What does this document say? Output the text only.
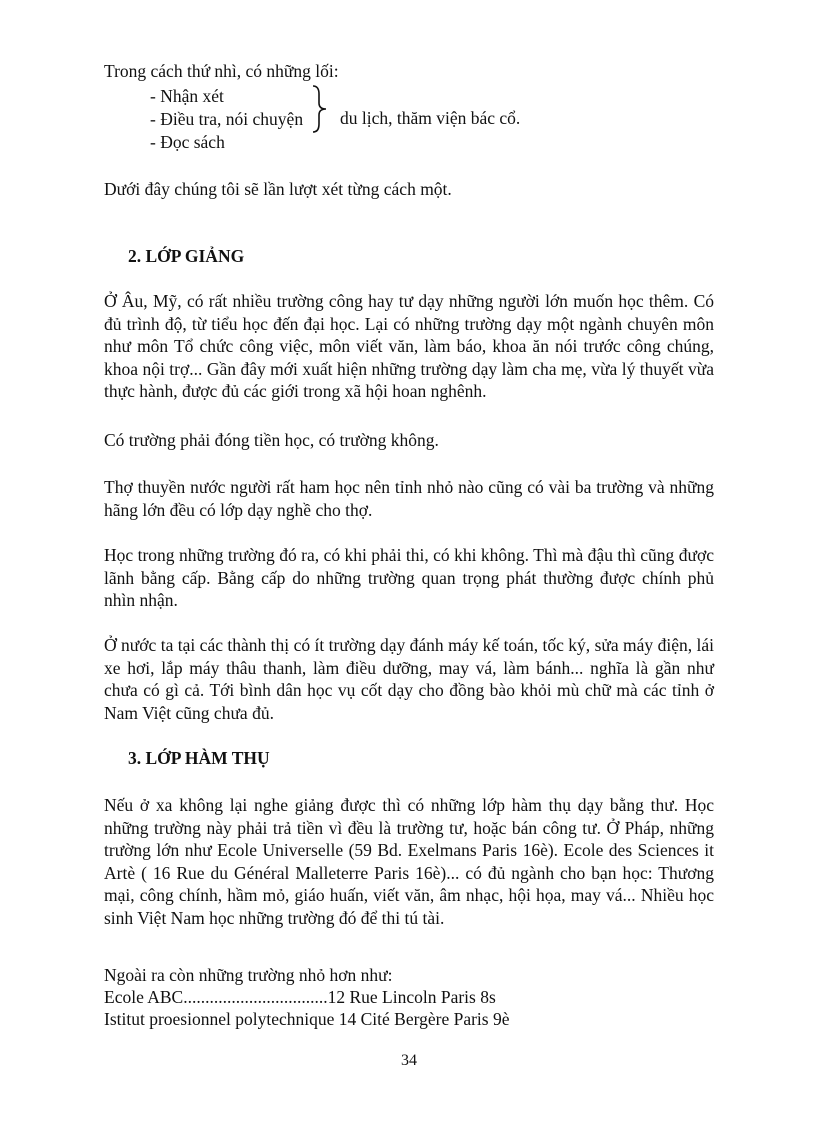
Trong cách thứ nhì, có những lối:
- Nhận xét
- Điều tra, nói chuyện
- Đọc sách
du lịch, thăm viện bác cổ.
Dưới đây chúng tôi sẽ lần lượt xét từng cách một.
2. LỚP GIẢNG
Ở Âu, Mỹ, có rất nhiều trường công hay tư dạy những người lớn muốn học thêm. Có đủ trình độ, từ tiểu học đến đại học. Lại có những trường dạy một ngành chuyên môn như môn Tổ chức công việc, môn viết văn, làm báo, khoa ăn nói trước công chúng, khoa nội trợ... Gần đây mới xuất hiện những trường dạy làm cha mẹ, vừa lý thuyết vừa thực hành, được đủ các giới trong xã hội hoan nghênh.
Có trường phải đóng tiền học, có trường không.
Thợ thuyền nước người rất ham học nên tỉnh nhỏ nào cũng có vài ba trường và những hãng lớn đều có lớp dạy nghề cho thợ.
Học trong những trường đó ra, có khi phải thi, có khi không. Thì mà đậu thì cũng được lãnh bằng cấp. Bằng cấp do những trường quan trọng phát thường được chính phủ nhìn nhận.
Ở nước ta tại các thành thị có ít trường dạy đánh máy kế toán, tốc ký, sửa máy điện, lái xe hơi, lắp máy thâu thanh, làm điều dưỡng, may vá, làm bánh... nghĩa là gần như chưa có gì cả. Tới bình dân học vụ cốt dạy cho đồng bào khỏi mù chữ mà các tỉnh ở Nam Việt cũng chưa đủ.
3. LỚP HÀM THỤ
Nếu ở xa không lại nghe giảng được thì có những lớp hàm thụ dạy bằng thư. Học những trường này phải trả tiền vì đều là trường tư, hoặc bán công tư. Ở Pháp, những trường lớn như Ecole Universelle (59 Bd. Exelmans Paris 16è). Ecole des Sciences it Artè ( 16 Rue du Général Malleterre Paris 16è)... có đủ ngành cho bạn học: Thương mại, công chính, hầm mỏ, giáo huấn, viết văn, âm nhạc, hội họa, may vá... Nhiều học sinh Việt Nam học những trường đó để thi tú tài.
Ngoài ra còn những trường nhỏ hơn như:
Ecole ABC.................................12 Rue Lincoln Paris 8s
Istitut proesionnel polytechnique 14 Cité Bergère Paris 9è
34
